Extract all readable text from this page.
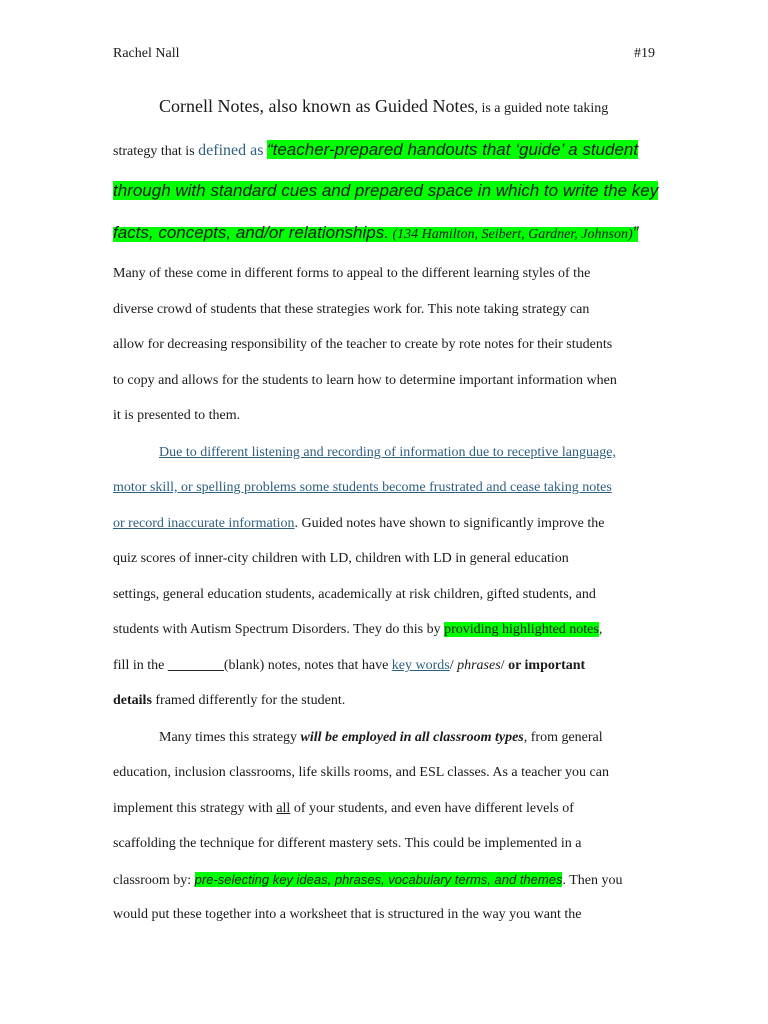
Rachel Nall	#19
Cornell Notes, also known as Guided Notes, is a guided note taking
strategy that is defined as “teacher-prepared handouts that ‘guide’ a student
through with standard cues and prepared space in which to write the key
facts, concepts, and/or relationships. (134 Hamilton, Seibert, Gardner, Johnson)”
Many of these come in different forms to appeal to the different learning styles of the
diverse crowd of students that these strategies work for. This note taking strategy can
allow for decreasing responsibility of the teacher to create by rote notes for their students
to copy and allows for the students to learn how to determine important information when
it is presented to them.
Due to different listening and recording of information due to receptive language,
motor skill, or spelling problems some students become frustrated and cease taking notes
or record inaccurate information. Guided notes have shown to significantly improve the
quiz scores of inner-city children with LD, children with LD in general education
settings, general education students, academically at risk children, gifted students, and
students with Autism Spectrum Disorders. They do this by providing highlighted notes,
fill in the ________(blank) notes, notes that have key words/ phrases/ or important
details framed differently for the student.
Many times this strategy will be employed in all classroom types, from general
education, inclusion classrooms, life skills rooms, and ESL classes. As a teacher you can
implement this strategy with all of your students, and even have different levels of
scaffolding the technique for different mastery sets. This could be implemented in a
classroom by: pre-selecting key ideas, phrases, vocabulary terms, and themes. Then you
would put these together into a worksheet that is structured in the way you want the
